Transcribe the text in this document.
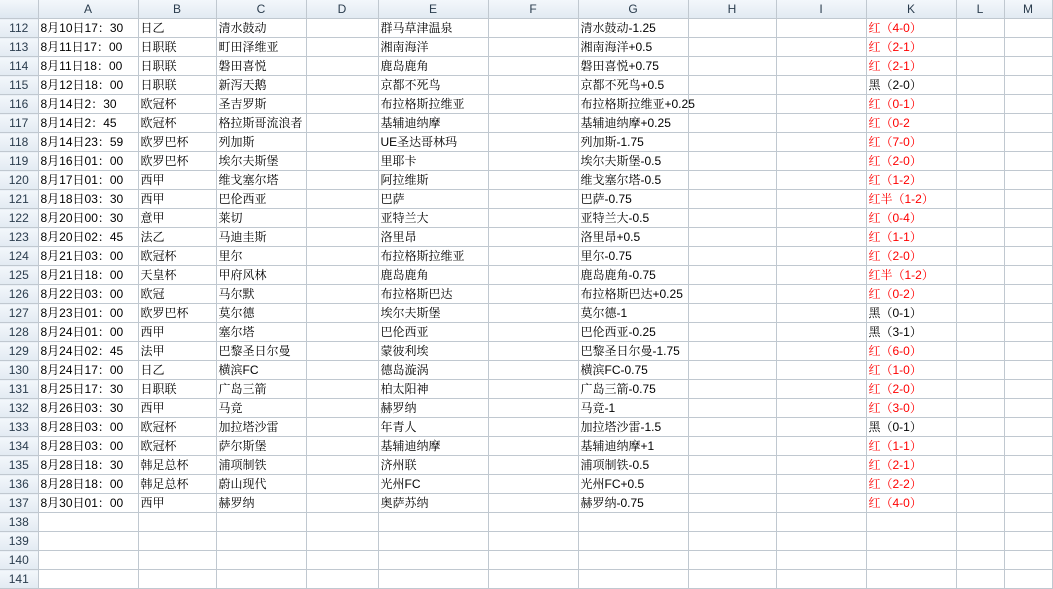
	A	B	C	D	E	F	G	H	I	K	L	M
112	8月10日17：30	日乙	清水鼓动		群马草津温泉		清水鼓动-1.25			红（4-0）		
113	8月11日17：00	日职联	町田泽维亚		湘南海洋		湘南海洋+0.5			红（2-1）		
114	8月11日18：00	日职联	磐田喜悦		鹿岛鹿角		磐田喜悦+0.75			红（2-1）		
115	8月12日18：00	日职联	新泻天鹅		京都不死鸟		京都不死鸟+0.5			黑（2-0）		
116	8月14日2：30	欧冠杯	圣吉罗斯		布拉格斯拉维亚		布拉格斯拉维亚+0.25			红（0-1）		
117	8月14日2：45	欧冠杯	格拉斯哥流浪者		基辅迪纳摩		基辅迪纳摩+0.25			红（0-2		
118	8月14日23：59	欧罗巴杯	列加斯		UE圣达哥林玛		列加斯-1.75			红（7-0）		
119	8月16日01：00	欧罗巴杯	埃尔夫斯堡		里耶卡		埃尔夫斯堡-0.5			红（2-0）		
120	8月17日01：00	西甲	维戈塞尔塔		阿拉维斯		维戈塞尔塔-0.5			红（1-2）		
121	8月18日03：30	西甲	巴伦西亚		巴萨		巴萨-0.75			红半（1-2）		
122	8月20日00：30	意甲	莱切		亚特兰大		亚特兰大-0.5			红（0-4）		
123	8月20日02：45	法乙	马迪圭斯		洛里昂		洛里昂+0.5			红（1-1）		
124	8月21日03：00	欧冠杯	里尔		布拉格斯拉维亚		里尔-0.75			红（2-0）		
125	8月21日18：00	天皇杯	甲府风林		鹿岛鹿角		鹿岛鹿角-0.75			红半（1-2）		
126	8月22日03：00	欧冠	马尔默		布拉格斯巴达		布拉格斯巴达+0.25			红（0-2）		
127	8月23日01：00	欧罗巴杯	莫尔德		埃尔夫斯堡		莫尔德-1			黑（0-1）		
128	8月24日01：00	西甲	塞尔塔		巴伦西亚		巴伦西亚-0.25			黑（3-1）		
129	8月24日02：45	法甲	巴黎圣日尔曼		蒙彼利埃		巴黎圣日尔曼-1.75			红（6-0）		
130	8月24日17：00	日乙	横滨FC		德岛漩涡		横滨FC-0.75			红（1-0）		
131	8月25日17：30	日职联	广岛三箭		柏太阳神		广岛三箭-0.75			红（2-0）		
132	8月26日03：30	西甲	马竞		赫罗纳		马竞-1			红（3-0）		
133	8月28日03：00	欧冠杯	加拉塔沙雷		年青人		加拉塔沙雷-1.5			黑（0-1）		
134	8月28日03：00	欧冠杯	萨尔斯堡		基辅迪纳摩		基辅迪纳摩+1			红（1-1）		
135	8月28日18：30	韩足总杯	浦项制铁		济州联		浦项制铁-0.5			红（2-1）		
136	8月28日18：00	韩足总杯	蔚山现代		光州FC		光州FC+0.5			红（2-2）		
137	8月30日01：00	西甲	赫罗纳		奥萨苏纳		赫罗纳-0.75			红（4-0）		
138												
139												
140												
141												
